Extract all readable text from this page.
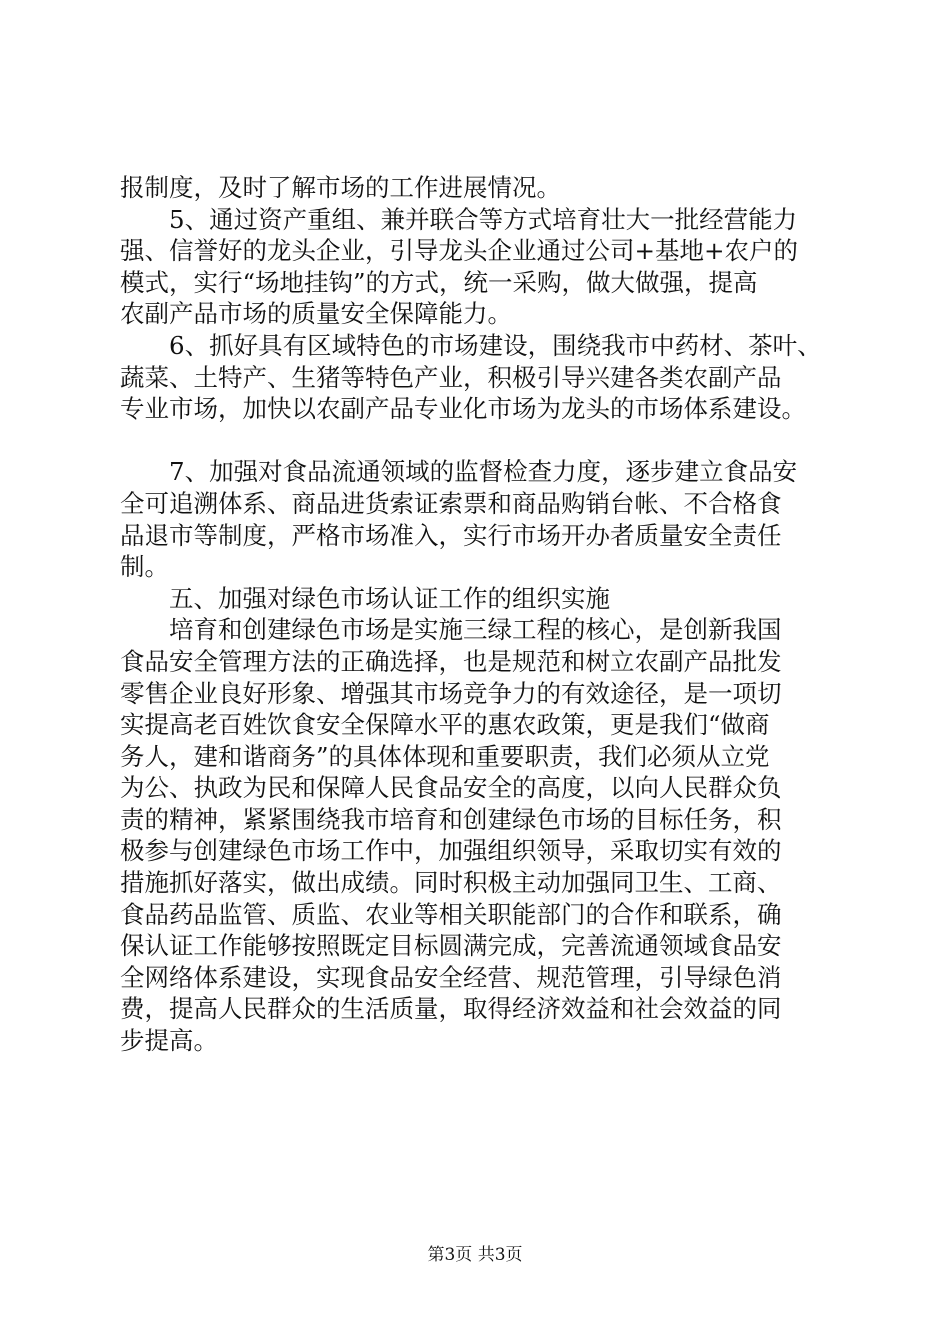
报制度，及时了解市场的工作进展情况。
5、通过资产重组、兼并联合等方式培育壮大一批经营能力
强、信誉好的龙头企业，引导龙头企业通过公司+基地+农户的
模式，实行“场地挂钩”的方式，统一采购，做大做强，提高
农副产品市场的质量安全保障能力。
6、抓好具有区域特色的市场建设，围绕我市中药材、茶叶、
蔬菜、土特产、生猪等特色产业，积极引导兴建各类农副产品
专业市场，加快以农副产品专业化市场为龙头的市场体系建设。
7、加强对食品流通领域的监督检查力度，逐步建立食品安
全可追溯体系、商品进货索证索票和商品购销台帐、不合格食
品退市等制度，严格市场准入，实行市场开办者质量安全责任
制。
五、加强对绿色市场认证工作的组织实施
培育和创建绿色市场是实施三绿工程的核心，是创新我国
食品安全管理方法的正确选择，也是规范和树立农副产品批发
零售企业良好形象、增强其市场竞争力的有效途径，是一项切
实提高老百姓饮食安全保障水平的惠农政策，更是我们“做商
务人，建和谐商务”的具体体现和重要职责，我们必须从立党
为公、执政为民和保障人民食品安全的高度，以向人民群众负
责的精神，紧紧围绕我市培育和创建绿色市场的目标任务，积
极参与创建绿色市场工作中，加强组织领导，采取切实有效的
措施抓好落实，做出成绩。同时积极主动加强同卫生、工商、
食品药品监管、质监、农业等相关职能部门的合作和联系，确
保认证工作能够按照既定目标圆满完成，完善流通领域食品安
全网络体系建设，实现食品安全经营、规范管理，引导绿色消
费，提高人民群众的生活质量，取得经济效益和社会效益的同
步提高。
第3页 共3页
